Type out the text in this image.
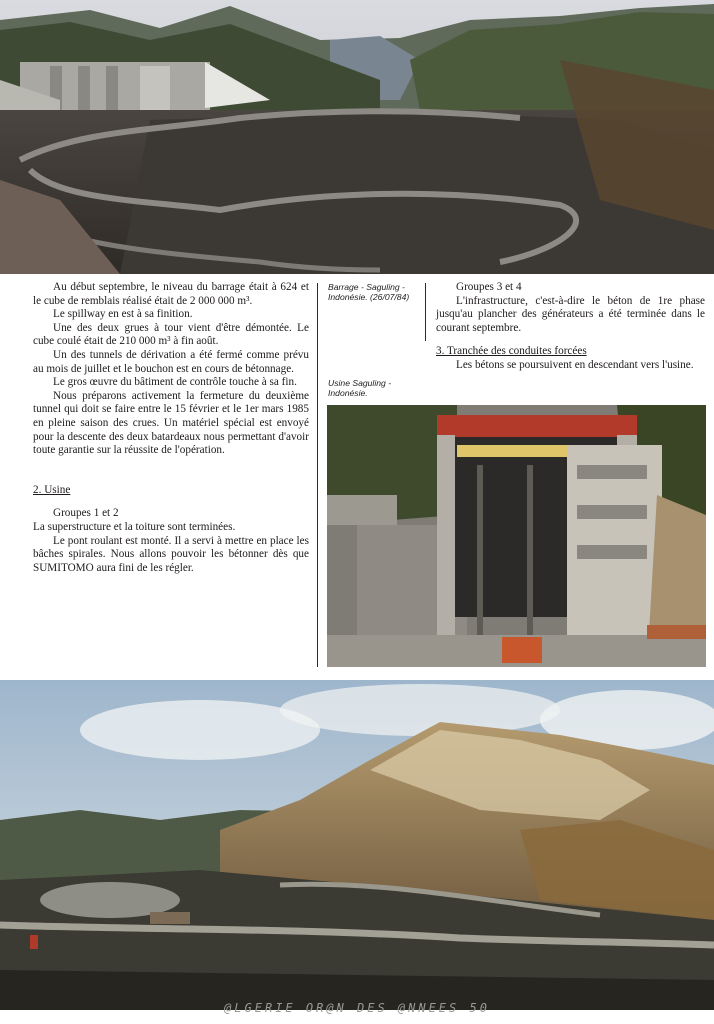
Au début septembre, le niveau du barrage était à 624 et le cube de remblais réalisé était de 2 000 000 m³.

Le spillway en est à sa finition.

Une des deux grues à tour vient d'être démontée. Le cube coulé était de 210 000 m³ à fin août.

Un des tunnels de dérivation a été fermé comme prévu au mois de juillet et le bouchon est en cours de bétonnage.

Le gros œuvre du bâtiment de contrôle touche à sa fin.

Nous préparons activement la fermeture du deuxième tunnel qui doit se faire entre le 15 février et le 1er mars 1985 en pleine saison des crues. Un matériel spécial est envoyé pour la descente des deux batardeaux nous permettant d'avoir toute garantie sur la réussite de l'opération.

2. Usine

Groupes 1 et 2

La superstructure et la toiture sont terminées.

Le pont roulant est monté. Il a servi à mettre en place les bâches spirales. Nous allons pouvoir les bétonner dès que SUMITOMO aura fini de les régler.

Barrage - Saguling - Indonésie. (26/07/84)
Usine Saguling - Indonésie.

Groupes 3 et 4

L'infrastructure, c'est-à-dire le béton de 1re phase jusqu'au plancher des générateurs a été terminée dans le courant septembre.

3. Tranchée des conduites forcées

Les bétons se poursuivent en descendant vers l'usine.

@LGERIE OR@N DES @NNEES 50
